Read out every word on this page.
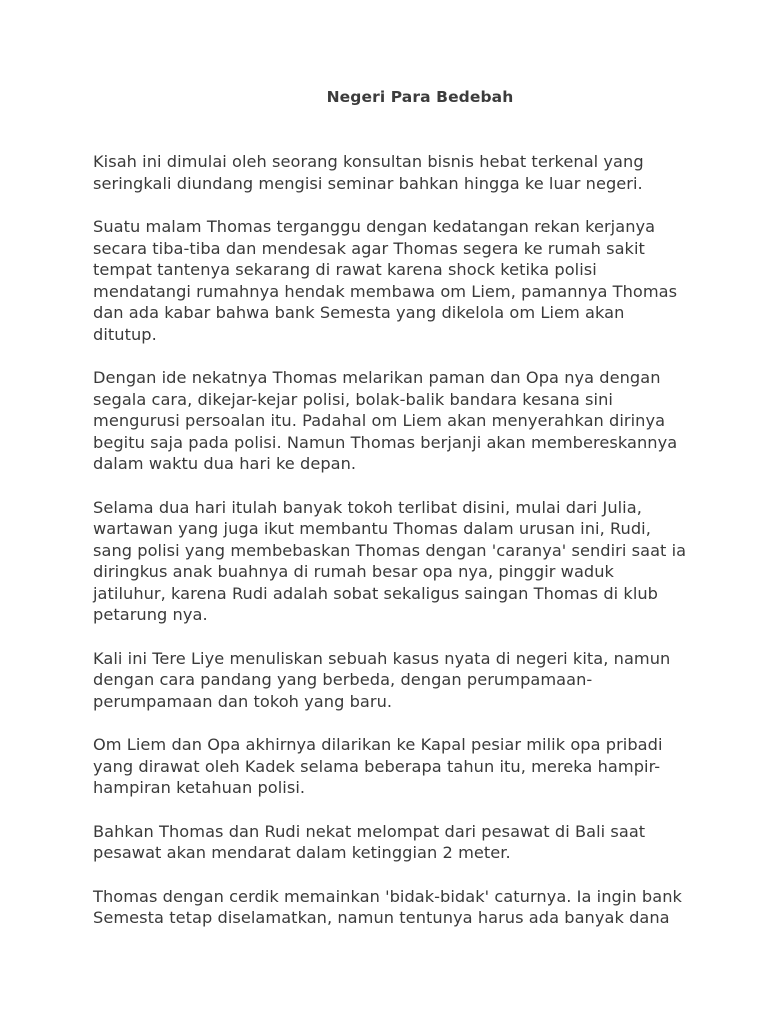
Negeri Para Bedebah

Kisah ini dimulai oleh seorang konsultan bisnis hebat terkenal yang
seringkali diundang mengisi seminar bahkan hingga ke luar negeri.

Suatu malam Thomas terganggu dengan kedatangan rekan kerjanya
secara tiba-tiba dan mendesak agar Thomas segera ke rumah sakit
tempat tantenya sekarang di rawat karena shock ketika polisi
mendatangi rumahnya hendak membawa om Liem, pamannya Thomas
dan ada kabar bahwa bank Semesta yang dikelola om Liem akan
ditutup.

Dengan ide nekatnya Thomas melarikan paman dan Opa nya dengan
segala cara, dikejar-kejar polisi, bolak-balik bandara kesana sini
mengurusi persoalan itu. Padahal om Liem akan menyerahkan dirinya
begitu saja pada polisi. Namun Thomas berjanji akan membereskannya
dalam waktu dua hari ke depan.

Selama dua hari itulah banyak tokoh terlibat disini, mulai dari Julia,
wartawan yang juga ikut membantu Thomas dalam urusan ini, Rudi,
sang polisi yang membebaskan Thomas dengan 'caranya' sendiri saat ia
diringkus anak buahnya di rumah besar opa nya, pinggir waduk
jatiluhur, karena Rudi adalah sobat sekaligus saingan Thomas di klub
petarung nya.

Kali ini Tere Liye menuliskan sebuah kasus nyata di negeri kita, namun
dengan cara pandang yang berbeda, dengan perumpamaan-
perumpamaan dan tokoh yang baru.

Om Liem dan Opa akhirnya dilarikan ke Kapal pesiar milik opa pribadi
yang dirawat oleh Kadek selama beberapa tahun itu, mereka hampir-
hampiran ketahuan polisi.

Bahkan Thomas dan Rudi nekat melompat dari pesawat di Bali saat
pesawat akan mendarat dalam ketinggian 2 meter.

Thomas dengan cerdik memainkan 'bidak-bidak' caturnya. Ia ingin bank
Semesta tetap diselamatkan, namun tentunya harus ada banyak dana
